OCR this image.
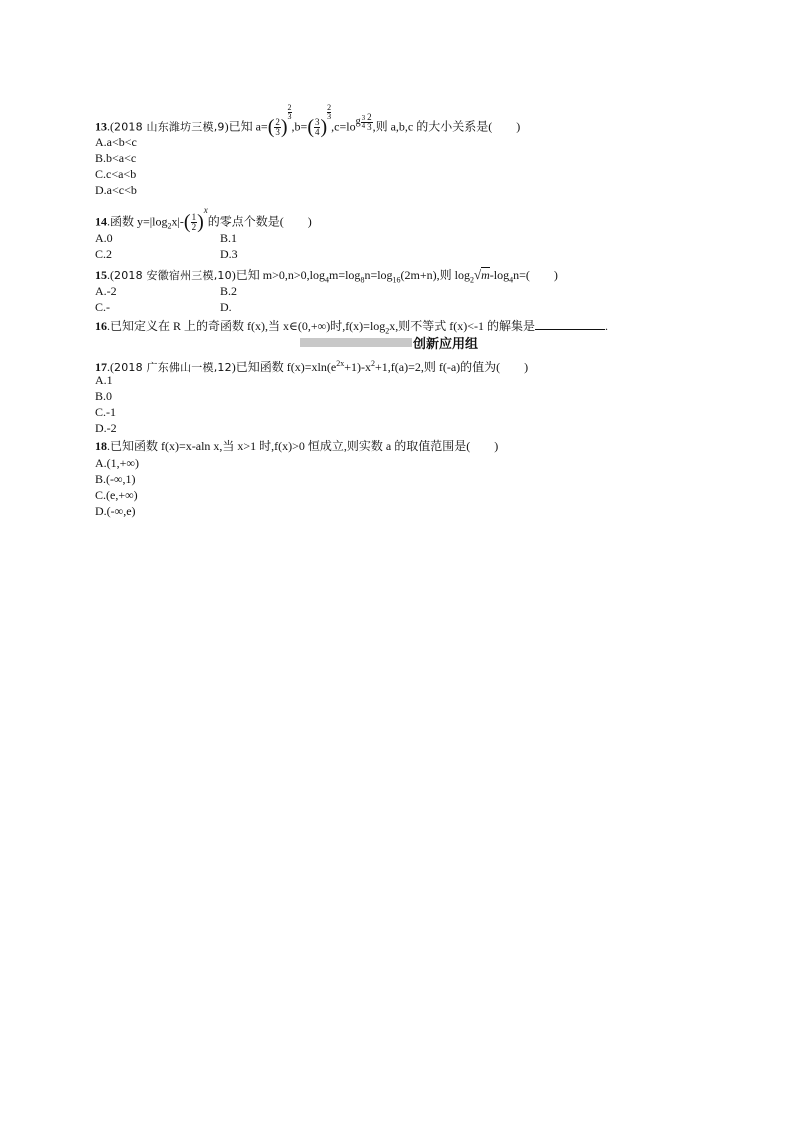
13.(2018 山东潍坊三模,9)已知 $a=( \frac{2}{3}$ )
$\frac{2}{3},b=( \frac{3}{4}$ )
$\frac{2}{3},c=lo^g \frac{3}{4} \frac{2}{3}$ ,则 a,b,c 的大小关系是(　　)
A.a<b<c
B.b<a<c
C.c<a<b
D.a<c<b
14.函数 $y=|\log_2x|-( \frac{1}{2} )^x$的零点个数是(　　)
A.0	B.1
C.2	D.3
15.(2018 安徽宿州三模,10)已知 $m>0,n>0,\log_4m=\log_8n=\log_{16}(2m+n)$,则 $\log_2√m-\log_4n=$(　　)
A.-2	B.2
C.-	D.
16.已知定义在 R 上的奇函数 f(x),当 x∈(0,+∞)时$,f(x)=\log_2x$,则不等式 f(x)<-1 的解集是	.
创新应用组
17.(2018 广东佛山一模,12)已知函数 $f(x)=xln(e^{2x}+1)-x^2+1,f(a)=2$,则 f(-a)的值为(　　)
A.1
B.0
C.-1
D.-2
18.已知函数 f(x)=x-aln x,当 x>1 时,f(x)>0 恒成立,则实数 a 的取值范围是(　　)
A.(1,+∞)
B.(-∞,1)
C.(e,+∞)
D.(-∞,e)
